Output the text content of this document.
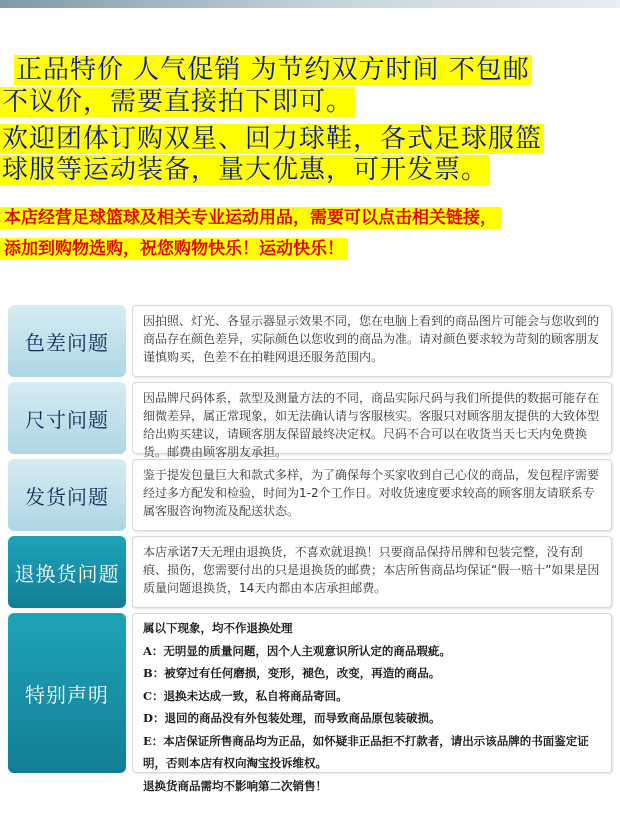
正品特价 人气促销 为节约双方时间 不包邮
不议价，需要直接拍下即可。
欢迎团体订购双星、回力球鞋，各式足球服篮
球服等运动装备，量大优惠，可开发票。
本店经营足球篮球及相关专业运动用品，需要可以点击相关链接，
添加到购物选购，祝您购物快乐！运动快乐！
色差问题
因拍照、灯光、各显示器显示效果不同，您在电脑上看到的商品图片可能会与您收到的商品存在颜色差异，实际颜色以您收到的商品为准。请对颜色要求较为苛刻的顾客朋友谨慎购买，色差不在拍鞋网退还服务范围内。
尺寸问题
因品牌尺码体系，款型及测量方法的不同，商品实际尺码与我们所提供的数据可能存在细微差异，属正常现象，如无法确认请与客服核实。客服只对顾客朋友提供的大致体型给出购买建议，请顾客朋友保留最终决定权。尺码不合可以在收货当天七天内免费换货。邮费由顾客朋友承担。
发货问题
鉴于提发包量巨大和款式多样，为了确保每个买家收到自己心仪的商品，发包程序需要经过多方配发和检验，时间为1-2个工作日。对收货速度要求较高的顾客朋友请联系专属客服咨询物流及配送状态。
退换货问题
本店承诺7天无理由退换货，不喜欢就退换！只要商品保持吊牌和包装完整，没有刮痕、损伤，您需要付出的只是退换货的邮费；本店所售商品均保证“假一赔十”如果是因质量问题退换货，14天内都由本店承担邮费。
特别声明
属以下现象，均不作退换处理
A：无明显的质量问题，因个人主观意识所认定的商品瑕疵。
B：被穿过有任何磨损，变形，褪色，改变，再造的商品。
C：退换未达成一致，私自将商品寄回。
D：退回的商品没有外包装处理，而导致商品原包装破损。
E：本店保证所售商品均为正品，如怀疑非正品拒不打款者，请出示该品牌的书面鉴定证
明，否则本店有权向淘宝投诉维权。
退换货商品需均不影响第二次销售！
